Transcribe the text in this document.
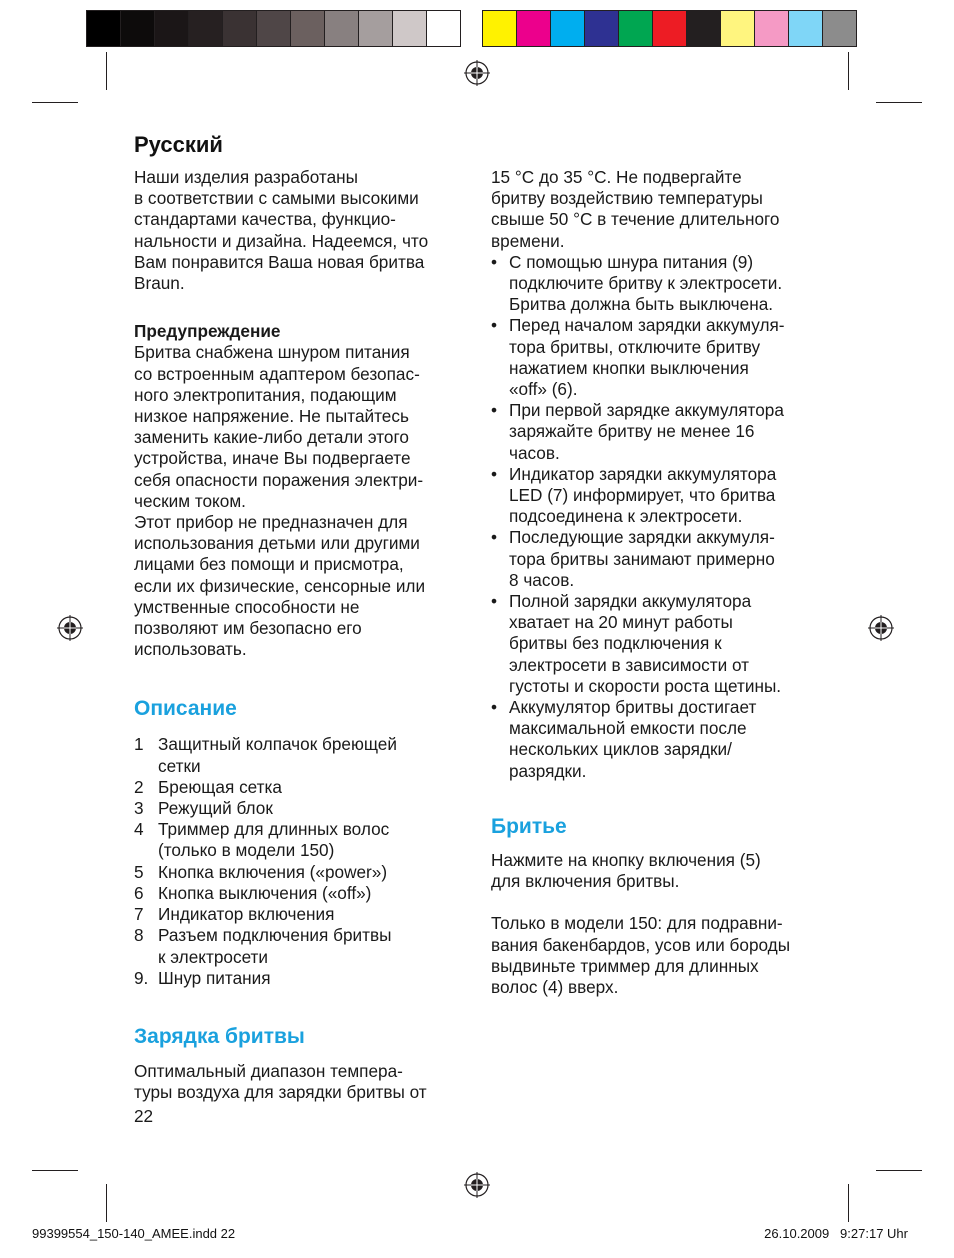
Русский

Наши изделия разработаны
в соответствии с самыми высокими
стандартами качества, функцио-
нальности и дизайна. Надеемся, что
Вам понравится Ваша новая бритва
Braun.

Предупреждение

Бритва снабжена шнуром питания
со встроенным адаптером безопас-
ного электропитания, подающим
низкое напряжение. Не пытайтесь
заменить какие-либо детали этого
устройства, иначе Вы подвергаете
себя опасности поражения электри-
ческим током.
Этот прибор не предназначен для
использования детьми или другими
лицами без помощи и присмотра,
если их физические, сенсорные или
умственные способности не
позволяют им безопасно его
использовать.

Описание
1 Защитный колпачок бреющей
сетки

2 Бреющая сетка

3 Режущий блок

4 Триммер для длинных волос
(только в модели 150)

5 Кнопка включения («power»)

6 Кнопка выключения («off»)

7 Индикатор включения

8 Разъем подключения бритвы
к электросети

9. Шнур питания

Зарядка бритвы

Оптимальный диапазон темпера-
туры воздуха для зарядки бритвы от

22

15 °C до 35 °C. Не подвергайте
бритву воздействию температуры
свыше 50 °C в течение длительного
времени.

• С помощью шнура питания (9)
подключите бритву к электросети.
Бритва должна быть выключена.

• Перед началом зарядки аккумуля-
тора бритвы, отключите бритву
нажатием кнопки выключения
«off» (6).

• При первой зарядке аккумулятора
заряжайте бритву не менее 16
часов.

• Индикатор зарядки аккумулятора
LED (7) информирует, что бритва
подсоединена к электросети.

• Последующие зарядки аккумуля-
тора бритвы занимают примерно
8 часов.

• Полной зарядки аккумулятора
хватает на 20 минут работы
бритвы без подключения к
электросети в зависимости от
густоты и скорости роста щетины.

• Аккумулятор бритвы достигает
максимальной емкости после
нескольких циклов зарядки/
разрядки.

Бритье

Нажмите на кнопку включения (5)
для включения бритвы.

Только в модели 150: для подравни-
вания бакенбардов, усов или бороды
выдвиньте триммер для длинных
волос (4) вверх.

99399554_150-140_AMEE.indd 22	26.10.2009   9:27:17 Uhr
